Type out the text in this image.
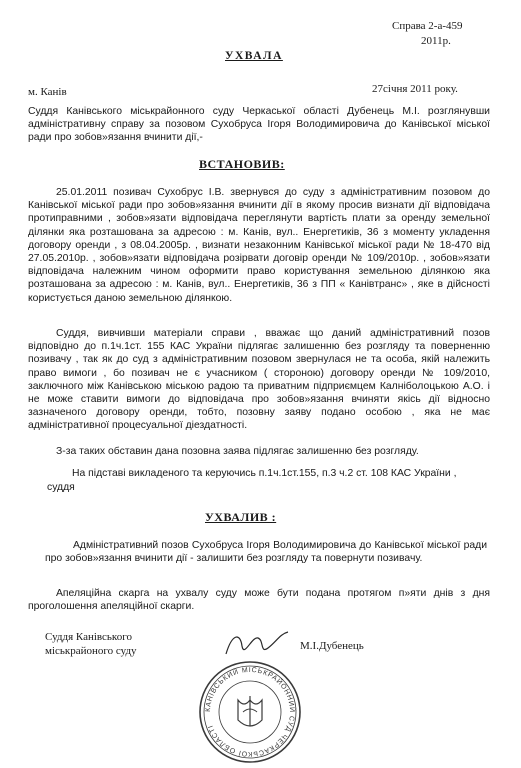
Справа 2-а-459

2011р.

УХВАЛА

м. Канів	27січня 2011 року.

Суддя Канівського міськрайонного суду Черкаської області Дубенець М.І. розглянувши адміністративну справу за позовом Сухобруса Ігоря Володимировича до Канівської міської ради про зобов»язання вчинити дії,-

ВСТАНОВИВ:

25.01.2011 позивач Сухобрус І.В. звернувся до суду з адміністративним позовом до Канівської міської ради про зобов»язання вчинити дії в якому просив визнати дії відповідача протиправними , зобов»язати відповідача переглянути вартість плати за оренду земельної ділянки яка розташована за адресою : м. Канів, вул.. Енергетиків, 36 з моменту укладення договору оренди , з 08.04.2005р. , визнати незаконним Канівської міської ради № 18-470 від 27.05.2010р. , зобов»язати відповідача розірвати договір оренди № 109/2010р. , зобов»язати відповідача належним чином оформити право користування земельною ділянкою яка розташована за адресою : м. Канів, вул.. Енергетиків, 36 з ПП « Канівтранс» , яке в дійсності користується даною земельною ділянкою.

Суддя, вивчивши матеріали справи , вважає що даний адміністративний позов відповідно до п.1ч.1ст. 155 КАС України підлягає залишенню без розгляду та поверненню позивачу , так як до суд з адміністративним позовом звернулася не та особа, якій належить право вимоги , бо позивач не є учасником ( стороною) договору оренди № 109/2010, заключного між Канівською міською радою та приватним підприємцем Калніболоцькою А.О. і не може ставити вимоги до відповідача про зобов»язання вчиняти якісь дії відносно зазначеного договору оренди, тобто, позовну заяву подано особою , яка не має адміністративної процесуальної діездатності.

З-за таких обставин дана позовна заява підлягає залишенню без розгляду.

На підставі викладеного та керуючись п.1ч.1ст.155, п.3 ч.2 ст. 108 КАС України ,

суддя

УХВАЛИВ :

Адміністративний позов Сухобруса Ігоря Володимировича до Канівської міської ради про зобов»язання вчинити дії - залишити без розгляду та повернути позивачу.

Апеляційна скарга на ухвалу суду може бути подана протягом п»яти днів з дня проголошення апеляційної скарги.

Суддя Канівського

міськрайоного суду	М.І.Дубенець

КАНІВСЬКИЙ МІСЬКРАЙОННИЙ СУД ЧЕРКАСЬКОЇ ОБЛАСТІ
